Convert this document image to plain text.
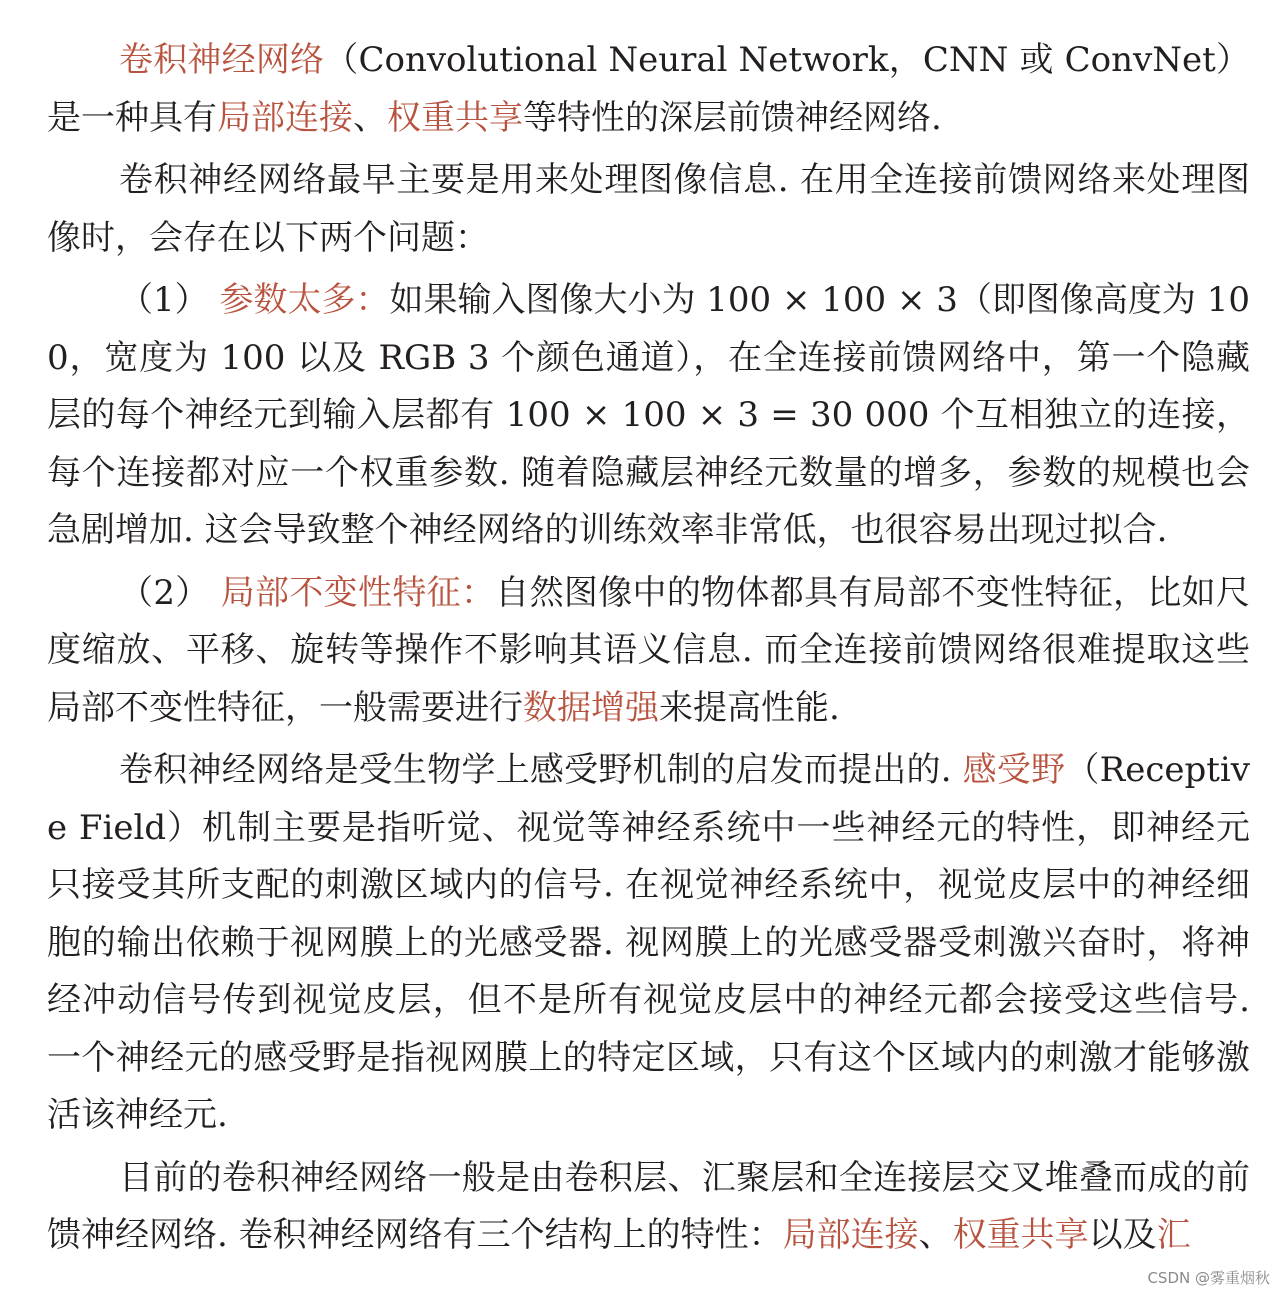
卷积神经网络（Convolutional Neural Network，CNN 或 ConvNet）是一种具有局部连接、权重共享等特性的深层前馈神经网络.

卷积神经网络最早主要是用来处理图像信息. 在用全连接前馈网络来处理图像时，会存在以下两个问题：

（1） 参数太多：如果输入图像大小为 100 × 100 × 3（即图像高度为 100，宽度为 100 以及 RGB 3 个颜色通道），在全连接前馈网络中，第一个隐藏层的每个神经元到输入层都有 100 × 100 × 3 = 30 000 个互相独立的连接，每个连接都对应一个权重参数. 随着隐藏层神经元数量的增多，参数的规模也会急剧增加. 这会导致整个神经网络的训练效率非常低，也很容易出现过拟合.

（2） 局部不变性特征：自然图像中的物体都具有局部不变性特征，比如尺度缩放、平移、旋转等操作不影响其语义信息. 而全连接前馈网络很难提取这些局部不变性特征，一般需要进行数据增强来提高性能.

卷积神经网络是受生物学上感受野机制的启发而提出的. 感受野（Receptive Field）机制主要是指听觉、视觉等神经系统中一些神经元的特性，即神经元只接受其所支配的刺激区域内的信号. 在视觉神经系统中，视觉皮层中的神经细胞的输出依赖于视网膜上的光感受器. 视网膜上的光感受器受刺激兴奋时，将神经冲动信号传到视觉皮层，但不是所有视觉皮层中的神经元都会接受这些信号. 一个神经元的感受野是指视网膜上的特定区域，只有这个区域内的刺激才能够激活该神经元.

目前的卷积神经网络一般是由卷积层、汇聚层和全连接层交叉堆叠而成的前馈神经网络. 卷积神经网络有三个结构上的特性：局部连接、权重共享以及汇

CSDN @雾重烟秋
